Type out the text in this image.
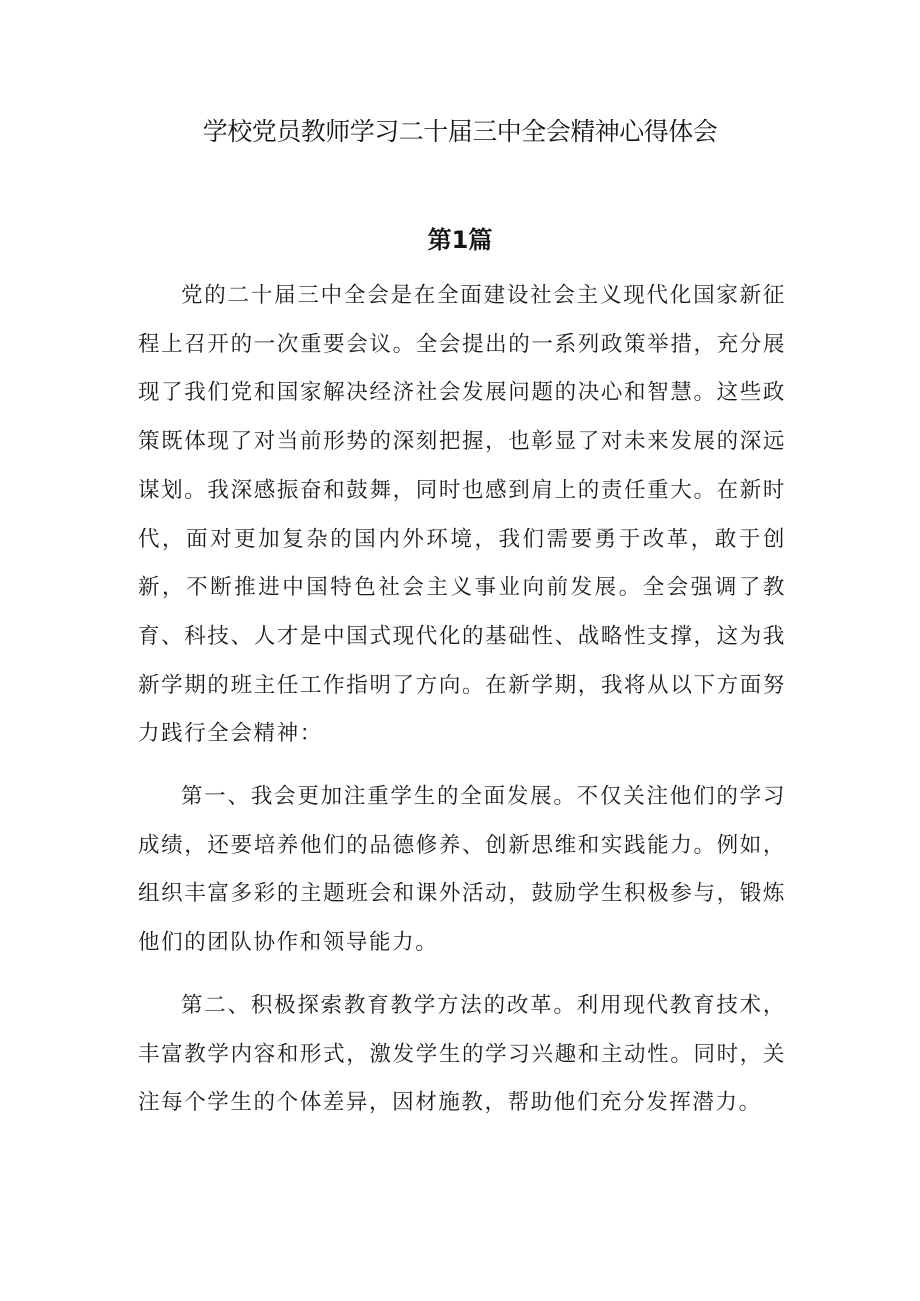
学校党员教师学习二十届三中全会精神心得体会
第1篇

党的二十届三中全会是在全面建设社会主义现代化国家新征程上召开的一次重要会议。全会提出的一系列政策举措，充分展现了我们党和国家解决经济社会发展问题的决心和智慧。这些政策既体现了对当前形势的深刻把握，也彰显了对未来发展的深远谋划。我深感振奋和鼓舞，同时也感到肩上的责任重大。在新时代，面对更加复杂的国内外环境，我们需要勇于改革，敢于创新，不断推进中国特色社会主义事业向前发展。全会强调了教育、科技、人才是中国式现代化的基础性、战略性支撑，这为我新学期的班主任工作指明了方向。在新学期，我将从以下方面努力践行全会精神：

第一、我会更加注重学生的全面发展。不仅关注他们的学习成绩，还要培养他们的品德修养、创新思维和实践能力。例如，组织丰富多彩的主题班会和课外活动，鼓励学生积极参与，锻炼他们的团队协作和领导能力。

第二、积极探索教育教学方法的改革。利用现代教育技术，丰富教学内容和形式，激发学生的学习兴趣和主动性。同时，关注每个学生的个体差异，因材施教，帮助他们充分发挥潜力。
